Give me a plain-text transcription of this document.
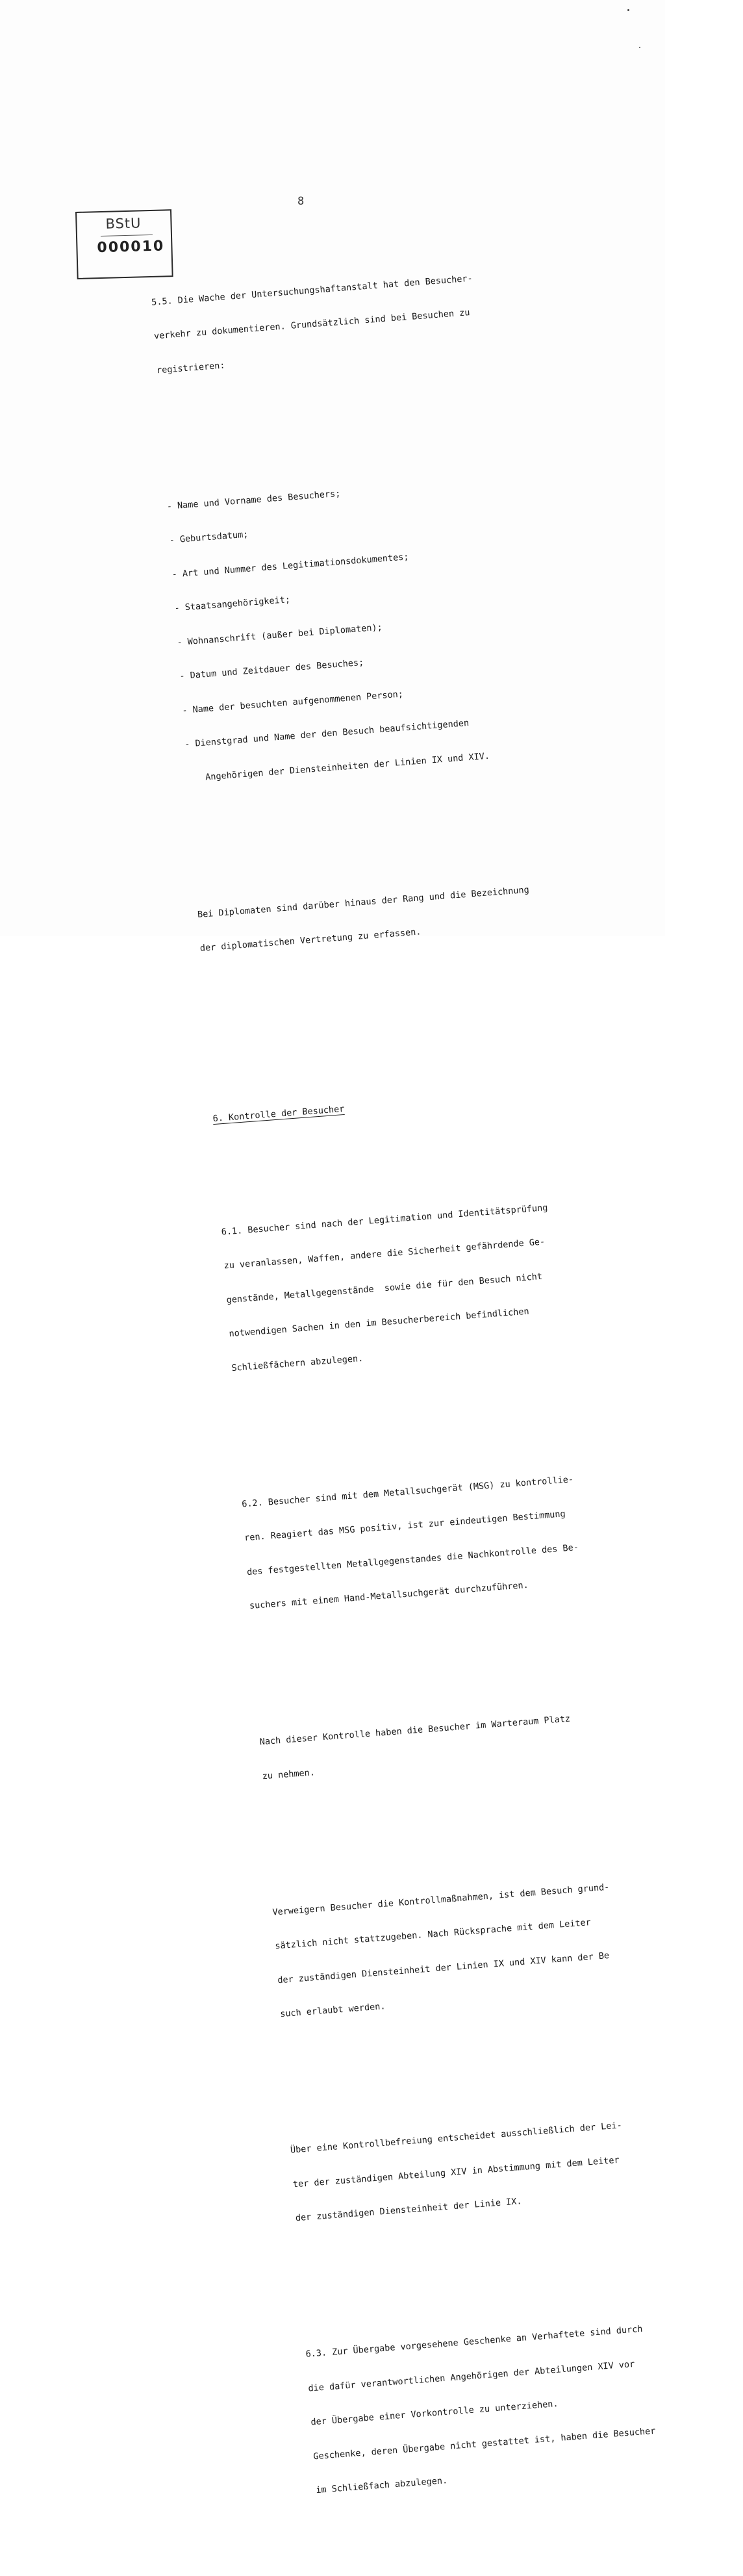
8
BStU
000010

5.5. Die Wache der Untersuchungshaftanstalt hat den Besucher-

verkehr zu dokumentieren. Grundsätzlich sind bei Besuchen zu

registrieren:

- Name und Vorname des Besuchers;

- Geburtsdatum;

- Art und Nummer des Legitimationsdokumentes;

- Staatsangehörigkeit;

- Wohnanschrift (außer bei Diplomaten);

- Datum und Zeitdauer des Besuches;

- Name der besuchten aufgenommenen Person;

- Dienstgrad und Name der den Besuch beaufsichtigenden

Angehörigen der Diensteinheiten der Linien IX und XIV.

Bei Diplomaten sind darüber hinaus der Rang und die Bezeichnung

der diplomatischen Vertretung zu erfassen.

6. Kontrolle der Besucher

6.1. Besucher sind nach der Legitimation und Identitätsprüfung

zu veranlassen, Waffen, andere die Sicherheit gefährdende Ge-

genstände, Metallgegenstände  sowie die für den Besuch nicht

notwendigen Sachen in den im Besucherbereich befindlichen

Schließfächern abzulegen.

6.2. Besucher sind mit dem Metallsuchgerät (MSG) zu kontrollie-

ren. Reagiert das MSG positiv, ist zur eindeutigen Bestimmung

des festgestellten Metallgegenstandes die Nachkontrolle des Be-

suchers mit einem Hand-Metallsuchgerät durchzuführen.

Nach dieser Kontrolle haben die Besucher im Warteraum Platz

zu nehmen.

Verweigern Besucher die Kontrollmaßnahmen, ist dem Besuch grund-

sätzlich nicht stattzugeben. Nach Rücksprache mit dem Leiter

der zuständigen Diensteinheit der Linien IX und XIV kann der Be

such erlaubt werden.

Über eine Kontrollbefreiung entscheidet ausschließlich der Lei-

ter der zuständigen Abteilung XIV in Abstimmung mit dem Leiter

der zuständigen Diensteinheit der Linie IX.

6.3. Zur Übergabe vorgesehene Geschenke an Verhaftete sind durch

die dafür verantwortlichen Angehörigen der Abteilungen XIV vor

der Übergabe einer Vorkontrolle zu unterziehen.

Geschenke, deren Übergabe nicht gestattet ist, haben die Besucher

im Schließfach abzulegen.
